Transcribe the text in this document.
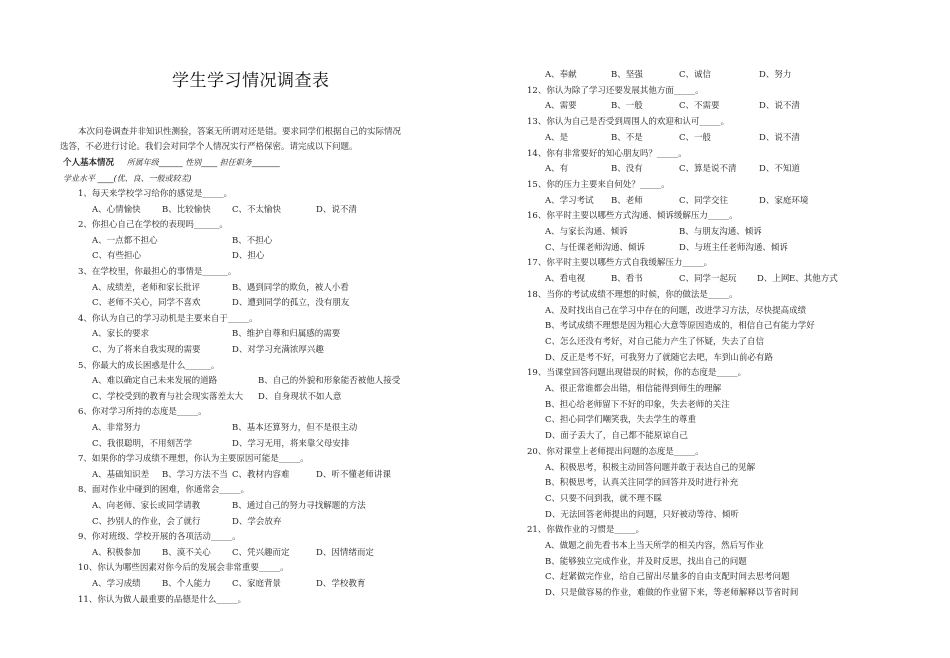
学生学习情况调查表
本次问卷调查并非知识性测验，答案无所谓对还是错。要求同学们根据自己的实际情况
选答，不必进行讨论。我们会对同学个人情况实行严格保密。请完成以下问题。
个人基本情况 所属年级______ 性别____ 担任职务_______
学业水平 ____(优、良、一般或较差)
1、每天来学校学习给你的感觉是_____。
A、心情愉快	B、比较愉快	C、不太愉快	D、说不清
2、你担心自己在学校的表现吗______。
A、一点都不担心	B、不担心
C、有些担心	D、担心
3、在学校里，你最担心的事情是______。
A、成绩差，老师和家长批评	B、遇到同学的欺负，被人小看
C、老师不关心，同学不喜欢	D、遭到同学的孤立，没有朋友
4、你认为自己的学习动机是主要来自于_____。
A、家长的要求	B、维护自尊和归属感的需要
C、为了将来自我实现的需要	D、对学习充满浓厚兴趣
5、你最大的成长困惑是什么______。
A、难以确定自己未来发展的道路	B、自己的外貌和形象能否被他人接受
C、学校受到的教育与社会现实落差太大 D、自身现状不如人意
6、你对学习所持的态度是_____。
A、非常努力	B、基本还算努力，但不是很主动
C、我很聪明，不用刻苦学	D、学习无用，将来靠父母安排
7、如果你的学习成绩不理想，你认为主要原因可能是_____。
A、基础知识差 B、学习方法不当 C、教材内容难	D、听不懂老师讲课
8、面对作业中碰到的困难，你通常会_____。
A、向老师、家长或同学请教	B、通过自己的努力寻找解题的方法
C、抄别人的作业，会了就行	D、学会放弃
9、你对班级、学校开展的各项活动_____。
A、积极参加	B、漠不关心	C、凭兴趣而定	D、因情绪而定
10、你认为哪些因素对你今后的发展会非常重要_____。
A、学习成绩	B、个人能力	C、家庭背景	D、学校教育
11、你认为做人最重要的品德是什么_____。
A、奉献	B、坚强	C、诚信	D、努力
12、你认为除了学习还要发展其他方面_____。
A、需要	B、一般	C、不需要	D、说不清
13、你认为自己是否受到周围人的欢迎和认可_____。
A、是	B、不是	C、一般	D、说不清
14、你有非常要好的知心朋友吗？_____。
A、有	B、没有	C、算是说不清	D、不知道
15、你的压力主要来自何处？_____。
A、学习考试 B、老师	C、同学交往	D、家庭环境
16、你平时主要以哪些方式沟通、倾诉缓解压力_____。
A、与家长沟通、倾诉	B、与朋友沟通、倾诉
C、与任课老师沟通、倾诉	D、与班主任老师沟通、倾诉
17、你平时主要以哪些方式自我缓解压力_____。
A、看电视	B、看书	C、同学一起玩 D、上网 E、其他方式
18、当你的考试成绩不理想的时候，你的做法是_____。
A、及时找出自己在学习中存在的问题，改进学习方法，尽快提高成绩
B、考试成绩不理想是因为粗心大意等原因造成的，相信自己有能力学好
C、怎么还没有考好，对自己能力产生了怀疑，失去了自信
D、反正是考不好，可我努力了就随它去吧，车到山前必有路
19、当课堂回答问题出现错误的时候，你的态度是_____。
A、很正常谁都会出错，相信能得到师生的理解
B、担心给老师留下不好的印象，失去老师的关注
C、担心同学们嘲笑我，失去学生的尊重
D、面子丢大了，自己都不能原谅自己
20、你对课堂上老师提出问题的态度是_____。
A、积极思考，积极主动回答问题并敢于表达自己的见解
B、积极思考，认真关注同学的回答并及时进行补充
C、只要不问到我，就不理不睬
D、无法回答老师提出的问题，只好被动等待、倾听
21、你做作业的习惯是_____。
A、做题之前先看书本上当天所学的相关内容，然后写作业
B、能够独立完成作业，并及时反思，找出自己的问题
C、赶紧做完作业，给自己留出尽量多的自由支配时间去思考问题
D、只是做容易的作业，难做的作业留下来，等老师解释以节省时间
